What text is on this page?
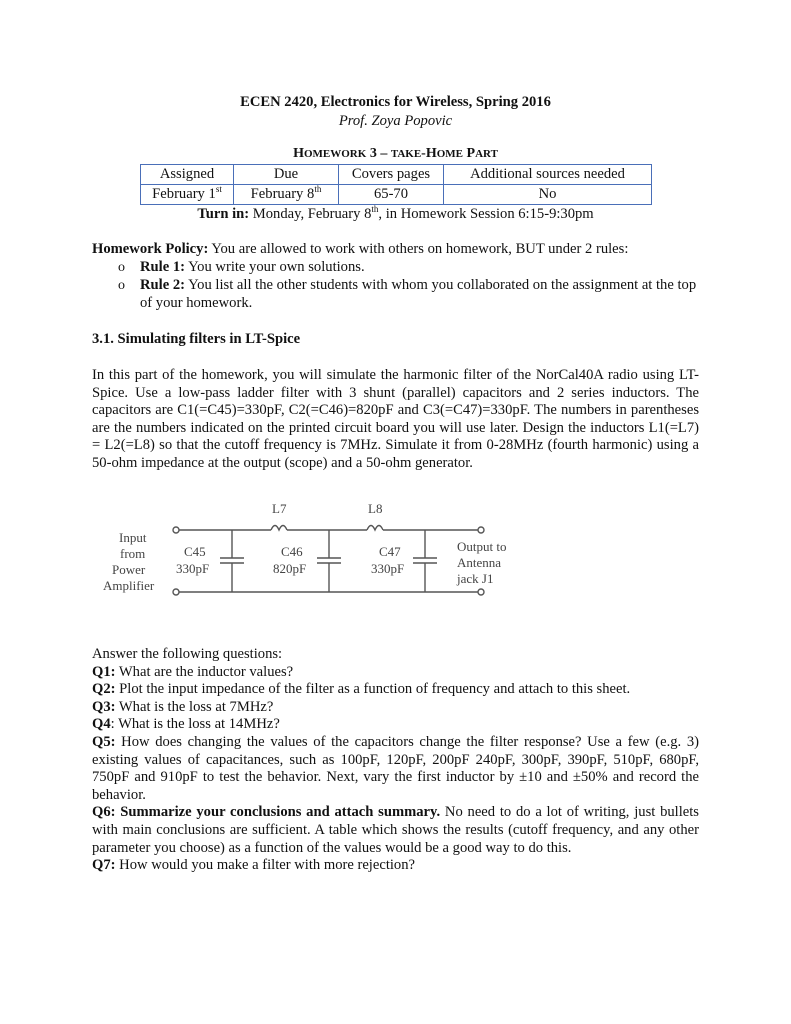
ECEN 2420, Electronics for Wireless, Spring 2016
Prof. Zoya Popovic
HOMEWORK 3 – TAKE-HOME PART
Assigned	Due	Covers pages	Additional sources needed
February 1st	February 8th	65-70	No
Turn in: Monday, February 8th, in Homework Session 6:15-9:30pm
Homework Policy: You are allowed to work with others on homework, BUT under 2 rules:
o Rule 1: You write your own solutions.
o Rule 2: You list all the other students with whom you collaborated on the assignment at the top of your homework.
3.1. Simulating filters in LT-Spice

In this part of the homework, you will simulate the harmonic filter of the NorCal40A radio using LT-Spice. Use a low-pass ladder filter with 3 shunt (parallel) capacitors and 2 series inductors. The capacitors are C1(=C45)=330pF, C2(=C46)=820pF and C3(=C47)=330pF. The numbers in parentheses are the numbers indicated on the printed circuit board you will use later. Design the inductors L1(=L7) = L2(=L8) so that the cutoff frequency is 7MHz. Simulate it from 0-28MHz (fourth harmonic) using a 50-ohm impedance at the output (scope) and a 50-ohm generator.

L7	L8
C45
330pF
C46
820pF
C47
330pF
Input
from
Power
Amplifier
Output to
Antenna
jack J1

Answer the following questions:

Q1: What are the inductor values?

Q2: Plot the input impedance of the filter as a function of frequency and attach to this sheet.

Q3: What is the loss at 7MHz?

Q4: What is the loss at 14MHz?

Q5: How does changing the values of the capacitors change the filter response? Use a few (e.g. 3) existing values of capacitances, such as 100pF, 120pF, 200pF 240pF, 300pF, 390pF, 510pF, 680pF, 750pF and 910pF to test the behavior. Next, vary the first inductor by ±10 and ±50% and record the behavior.

Q6: Summarize your conclusions and attach summary. No need to do a lot of writing, just bullets with main conclusions are sufficient. A table which shows the results (cutoff frequency, and any other parameter you choose) as a function of the values would be a good way to do this.

Q7: How would you make a filter with more rejection?
